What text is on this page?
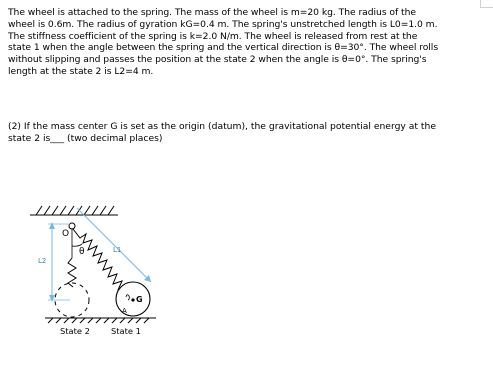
The wheel is attached to the spring. The mass of the wheel is m=20 kg. The radius of the

wheel is 0.6m. The radius of gyration kG=0.4 m. The spring's unstretched length is L0=1.0 m.

The stiffness coefficient of the spring is k=2.0 N/m. The wheel is released from rest at the

state 1 when the angle between the spring and the vertical direction is θ=30°. The wheel rolls

without slipping and passes the position at the state 2 when the angle is θ=0°. The spring's

length at the state 2 is L2=4 m.

(2) If the mass center G is set as the origin (datum), the gravitational potential energy at the

state 2 is___ (two decimal places)

O
θ	L1
G
A
L2
State 2	State 1
